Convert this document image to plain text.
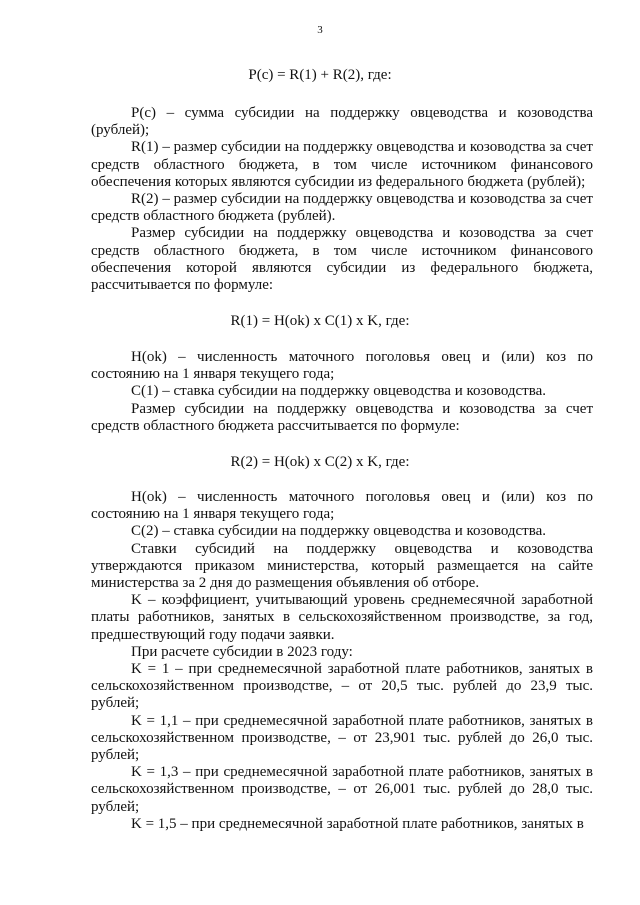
3
P(c) = R(1) + R(2), где:

P(c) – сумма субсидии на поддержку овцеводства и козоводства (рублей);

R(1) – размер субсидии на поддержку овцеводства и козоводства за счет средств областного бюджета, в том числе источником финансового обеспечения которых являются субсидии из федерального бюджета (рублей);

R(2) – размер субсидии на поддержку овцеводства и козоводства за счет средств областного бюджета (рублей).

Размер субсидии на поддержку овцеводства и козоводства за счет средств областного бюджета, в том числе источником финансового обеспечения которой являются субсидии из федерального бюджета, рассчитывается по формуле:

R(1) = H(ok) x C(1) x K, где:

H(ok) – численность маточного поголовья овец и (или) коз по состоянию на 1 января текущего года;

C(1) – ставка субсидии на поддержку овцеводства и козоводства.

Размер субсидии на поддержку овцеводства и козоводства за счет средств областного бюджета рассчитывается по формуле:

R(2) = H(ok) x C(2) x K, где:

H(ok) – численность маточного поголовья овец и (или) коз по состоянию на 1 января текущего года;

C(2) – ставка субсидии на поддержку овцеводства и козоводства.

Ставки субсидий на поддержку овцеводства и козоводства утверждаются приказом министерства, который размещается на сайте министерства за 2 дня до размещения объявления об отборе.

K – коэффициент, учитывающий уровень среднемесячной заработной платы работников, занятых в сельскохозяйственном производстве, за год, предшествующий году подачи заявки.

При расчете субсидии в 2023 году:

K = 1 – при среднемесячной заработной плате работников, занятых в сельскохозяйственном производстве, – от 20,5 тыс. рублей до 23,9 тыс. рублей;

K = 1,1 – при среднемесячной заработной плате работников, занятых в сельскохозяйственном производстве, – от 23,901 тыс. рублей до 26,0 тыс. рублей;

K = 1,3 – при среднемесячной заработной плате работников, занятых в сельскохозяйственном производстве, – от 26,001 тыс. рублей до 28,0 тыс. рублей;

K = 1,5 – при среднемесячной заработной плате работников, занятых в
